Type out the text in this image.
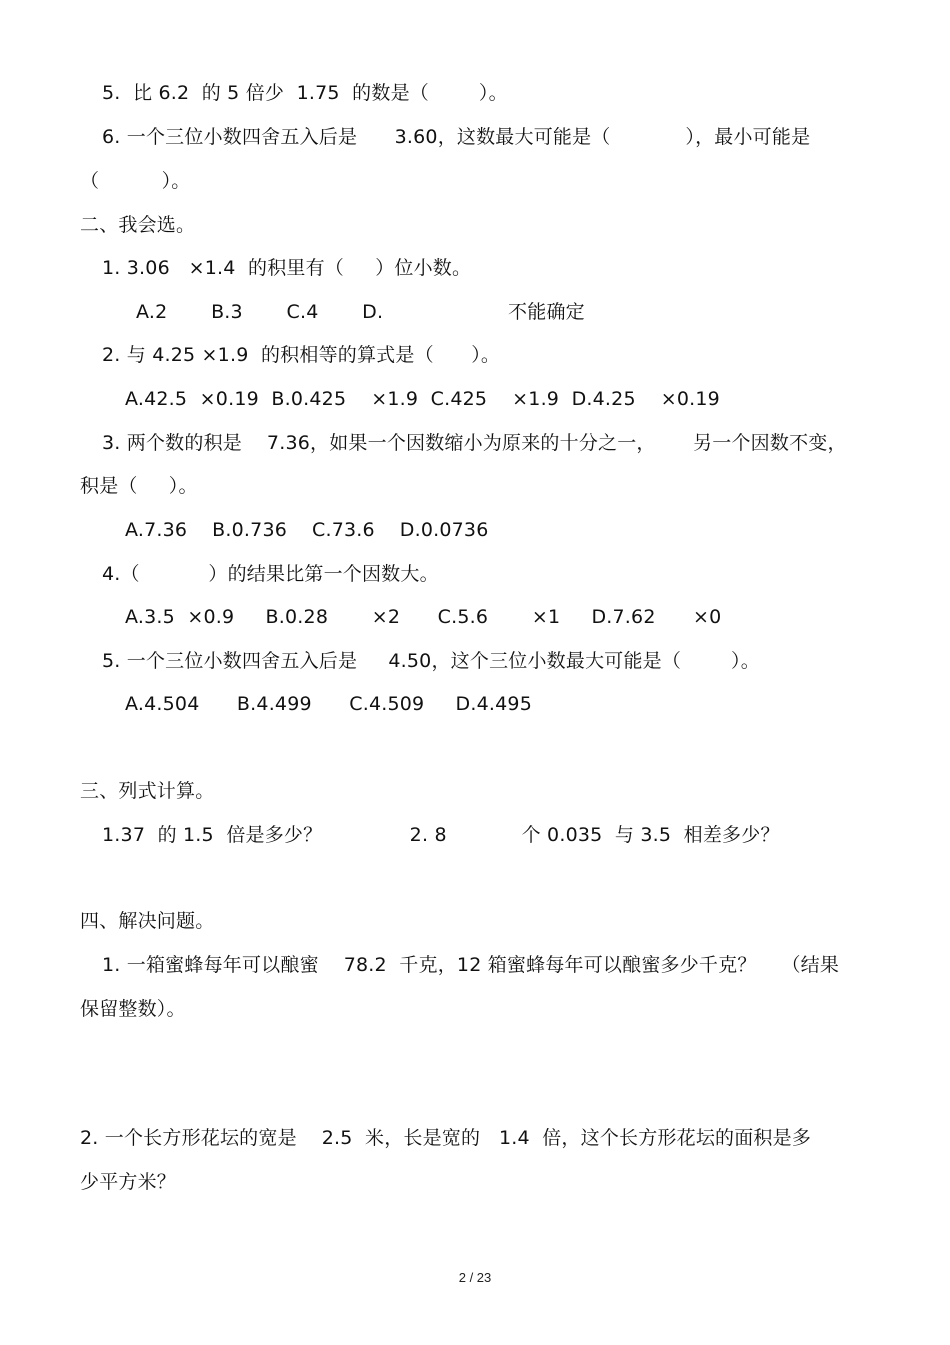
5.  比 6.2  的 5 倍少  1.75  的数是（        ）。
6. 一个三位小数四舍五入后是      3.60，这数最大可能是（            ），最小可能是
（          ）。
二、我会选。
1. 3.06   ×1.4  的积里有（     ）位小数。
A.2       B.3       C.4       D.                    不能确定
2. 与 4.25 ×1.9  的积相等的算式是（      ）。
A.42.5  ×0.19  B.0.425    ×1.9  C.425    ×1.9  D.4.25    ×0.19
3. 两个数的积是    7.36，如果一个因数缩小为原来的十分之一，      另一个因数不变，
积是（     ）。
A.7.36    B.0.736    C.73.6    D.0.0736
4.（           ）的结果比第一个因数大。
A.3.5  ×0.9     B.0.28       ×2      C.5.6       ×1     D.7.62      ×0
5. 一个三位小数四舍五入后是     4.50，这个三位小数最大可能是（        ）。
A.4.504      B.4.499      C.4.509     D.4.495
三、列式计算。
1.37  的 1.5  倍是多少？              2. 8            个 0.035  与 3.5  相差多少？
四、解决问题。
1. 一箱蜜蜂每年可以酿蜜    78.2  千克，12 箱蜜蜂每年可以酿蜜多少千克？    （结果
保留整数）。
2. 一个长方形花坛的宽是    2.5  米，长是宽的   1.4  倍，这个长方形花坛的面积是多
少平方米？
2 / 23
